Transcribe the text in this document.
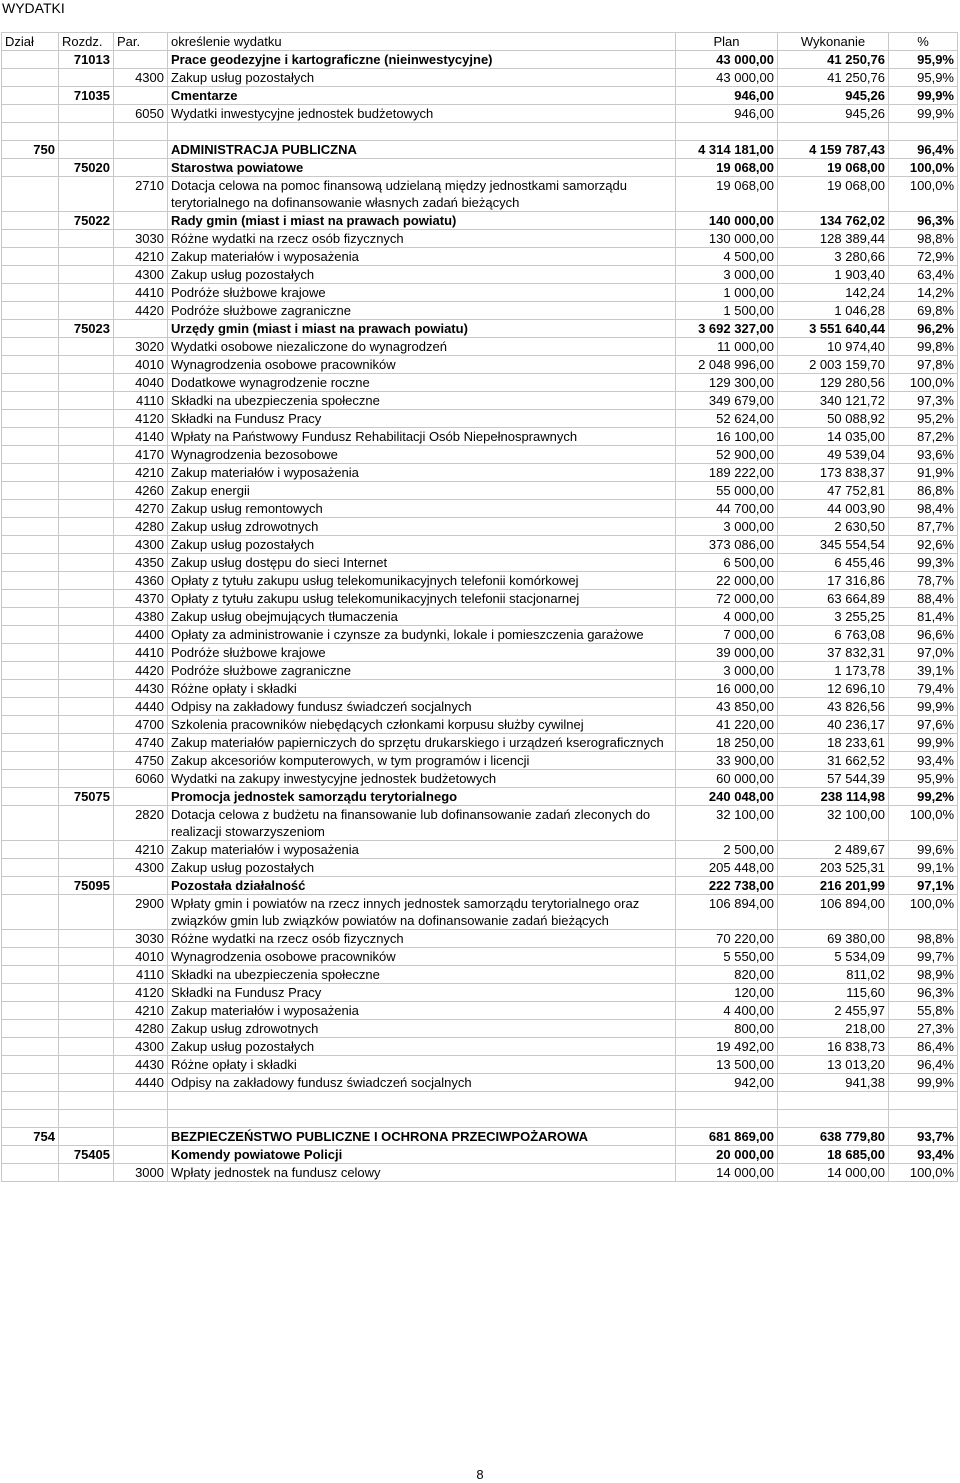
WYDATKI
Dział	Rozdz.	Par.	określenie wydatku	Plan	Wykonanie	%
	71013		Prace geodezyjne i kartograficzne (nieinwestycyjne)	43 000,00	41 250,76	95,9%
		4300	Zakup usług pozostałych	43 000,00	41 250,76	95,9%
	71035		Cmentarze	946,00	945,26	99,9%
		6050	Wydatki inwestycyjne jednostek budżetowych	946,00	945,26	99,9%

750			ADMINISTRACJA PUBLICZNA	4 314 181,00	4 159 787,43	96,4%
	75020		Starostwa powiatowe	19 068,00	19 068,00	100,0%
		2710	Dotacja celowa na pomoc finansową udzielaną między jednostkami samorządu terytorialnego na dofinansowanie własnych zadań bieżących	19 068,00	19 068,00	100,0%
	75022		Rady gmin (miast i miast na prawach powiatu)	140 000,00	134 762,02	96,3%
		3030	Różne wydatki na rzecz osób fizycznych	130 000,00	128 389,44	98,8%
		4210	Zakup materiałów i wyposażenia	4 500,00	3 280,66	72,9%
		4300	Zakup usług pozostałych	3 000,00	1 903,40	63,4%
		4410	Podróże służbowe krajowe	1 000,00	142,24	14,2%
		4420	Podróże służbowe zagraniczne	1 500,00	1 046,28	69,8%
	75023		Urzędy gmin (miast i miast na prawach powiatu)	3 692 327,00	3 551 640,44	96,2%
		3020	Wydatki osobowe niezaliczone do wynagrodzeń	11 000,00	10 974,40	99,8%
		4010	Wynagrodzenia osobowe pracowników	2 048 996,00	2 003 159,70	97,8%
		4040	Dodatkowe wynagrodzenie roczne	129 300,00	129 280,56	100,0%
		4110	Składki na ubezpieczenia społeczne	349 679,00	340 121,72	97,3%
		4120	Składki na Fundusz Pracy	52 624,00	50 088,92	95,2%
		4140	Wpłaty na Państwowy Fundusz Rehabilitacji Osób Niepełnosprawnych	16 100,00	14 035,00	87,2%
		4170	Wynagrodzenia bezosobowe	52 900,00	49 539,04	93,6%
		4210	Zakup materiałów i wyposażenia	189 222,00	173 838,37	91,9%
		4260	Zakup energii	55 000,00	47 752,81	86,8%
		4270	Zakup usług remontowych	44 700,00	44 003,90	98,4%
		4280	Zakup usług zdrowotnych	3 000,00	2 630,50	87,7%
		4300	Zakup usług pozostałych	373 086,00	345 554,54	92,6%
		4350	Zakup usług dostępu do sieci Internet	6 500,00	6 455,46	99,3%
		4360	Opłaty z tytułu zakupu usług telekomunikacyjnych telefonii komórkowej	22 000,00	17 316,86	78,7%
		4370	Opłaty z tytułu zakupu usług telekomunikacyjnych telefonii stacjonarnej	72 000,00	63 664,89	88,4%
		4380	Zakup usług obejmujących tłumaczenia	4 000,00	3 255,25	81,4%
		4400	Opłaty za administrowanie i czynsze za budynki, lokale i pomieszczenia garażowe	7 000,00	6 763,08	96,6%
		4410	Podróże służbowe krajowe	39 000,00	37 832,31	97,0%
		4420	Podróże służbowe zagraniczne	3 000,00	1 173,78	39,1%
		4430	Różne opłaty i składki	16 000,00	12 696,10	79,4%
		4440	Odpisy na zakładowy fundusz świadczeń socjalnych	43 850,00	43 826,56	99,9%
		4700	Szkolenia pracowników niebędących członkami korpusu służby cywilnej	41 220,00	40 236,17	97,6%
		4740	Zakup materiałów papierniczych do sprzętu drukarskiego i urządzeń kserograficznych	18 250,00	18 233,61	99,9%
		4750	Zakup akcesoriów komputerowych, w tym programów i licencji	33 900,00	31 662,52	93,4%
		6060	Wydatki na zakupy inwestycyjne jednostek budżetowych	60 000,00	57 544,39	95,9%
	75075		Promocja jednostek samorządu terytorialnego	240 048,00	238 114,98	99,2%
		2820	Dotacja celowa z budżetu na finansowanie lub dofinansowanie zadań zleconych do realizacji stowarzyszeniom	32 100,00	32 100,00	100,0%
		4210	Zakup materiałów i wyposażenia	2 500,00	2 489,67	99,6%
		4300	Zakup usług pozostałych	205 448,00	203 525,31	99,1%
	75095		Pozostała działalność	222 738,00	216 201,99	97,1%
		2900	Wpłaty gmin i powiatów na rzecz innych jednostek samorządu terytorialnego oraz związków gmin lub związków powiatów na dofinansowanie zadań bieżących	106 894,00	106 894,00	100,0%
		3030	Różne wydatki na rzecz osób fizycznych	70 220,00	69 380,00	98,8%
		4010	Wynagrodzenia osobowe pracowników	5 550,00	5 534,09	99,7%
		4110	Składki na ubezpieczenia społeczne	820,00	811,02	98,9%
		4120	Składki na Fundusz Pracy	120,00	115,60	96,3%
		4210	Zakup materiałów i wyposażenia	4 400,00	2 455,97	55,8%
		4280	Zakup usług zdrowotnych	800,00	218,00	27,3%
		4300	Zakup usług pozostałych	19 492,00	16 838,73	86,4%
		4430	Różne opłaty i składki	13 500,00	13 013,20	96,4%
		4440	Odpisy na zakładowy fundusz świadczeń socjalnych	942,00	941,38	99,9%

754			BEZPIECZEŃSTWO PUBLICZNE I OCHRONA PRZECIWPOŻAROWA	681 869,00	638 779,80	93,7%
	75405		Komendy powiatowe Policji	20 000,00	18 685,00	93,4%
		3000	Wpłaty jednostek na fundusz celowy	14 000,00	14 000,00	100,0%
8
